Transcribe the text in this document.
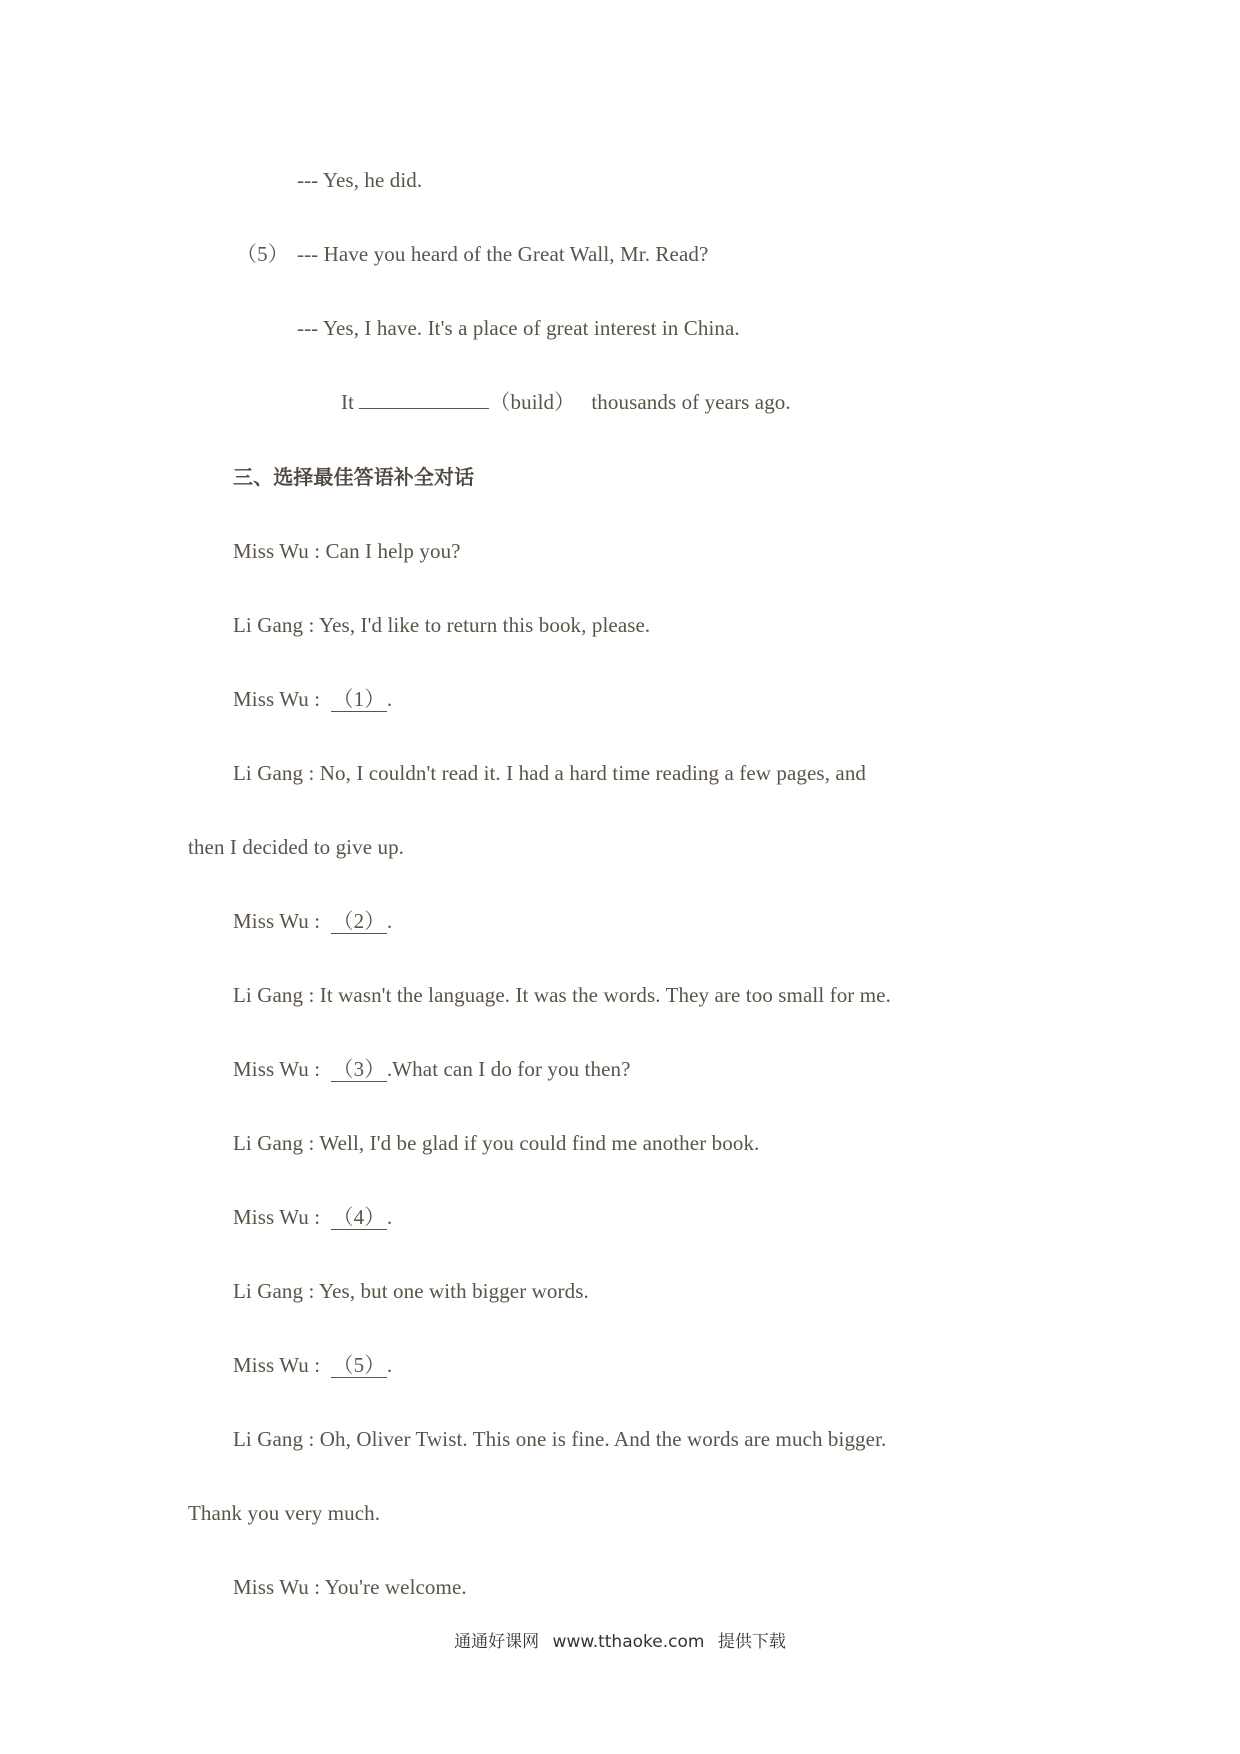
--- Yes, he did.
（5） --- Have you heard of the Great Wall, Mr. Read?
--- Yes, I have. It's a place of great interest in China.
It	（build） thousands of years ago.
三、选择最佳答语补全对话
Miss Wu : Can I help you?
Li Gang : Yes, I'd like to return this book, please.
Miss Wu :  （1）.
Li Gang : No, I couldn't read it. I had a hard time reading a few pages, and
then I decided to give up.
Miss Wu :  （2）.
Li Gang : It wasn't the language. It was the words. They are too small for me.
Miss Wu :  （3）.What can I do for you then?
Li Gang : Well, I'd be glad if you could find me another book.
Miss Wu :  （4）.
Li Gang : Yes, but one with bigger words.
Miss Wu :  （5）.
Li Gang : Oh, Oliver Twist. This one is fine. And the words are much bigger.
Thank you very much.
Miss Wu : You're welcome.
通通好课网 www.tthaoke.com 提供下载
